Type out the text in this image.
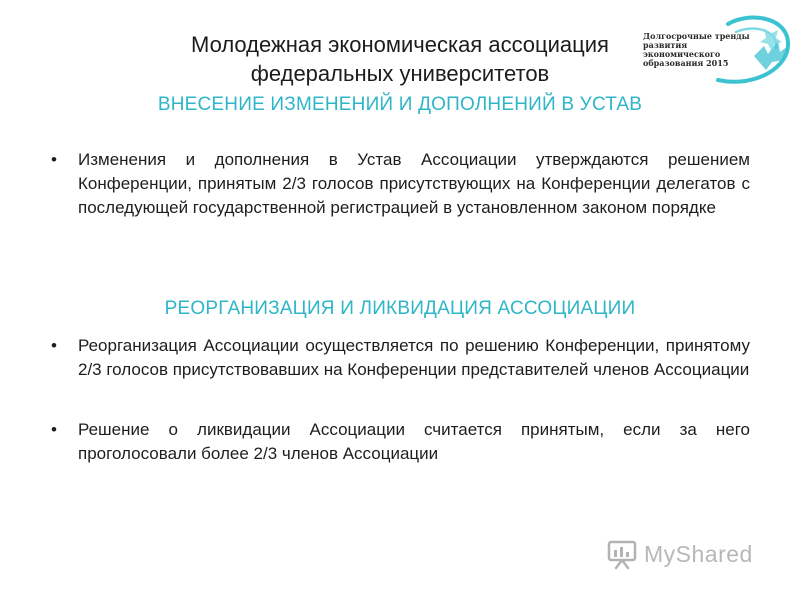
Молодежная экономическая ассоциация
федеральных университетов
Долгосрочные тренды
развития
экономического
образования 2015
ВНЕСЕНИЕ ИЗМЕНЕНИЙ И ДОПОЛНЕНИЙ В УСТАВ
• Изменения и дополнения в Устав Ассоциации утверждаются решением Конференции, принятым 2/3 голосов присутствующих на Конференции делегатов с последующей государственной регистрацией в установленном законом порядке
РЕОРГАНИЗАЦИЯ И ЛИКВИДАЦИЯ АССОЦИАЦИИ
• Реорганизация Ассоциации осуществляется по решению Конференции, принятому 2/3 голосов присутствовавших на Конференции представителей членов Ассоциации
• Решение о ликвидации Ассоциации считается принятым, если за него проголосовали более 2/3 членов Ассоциации
MyShared
